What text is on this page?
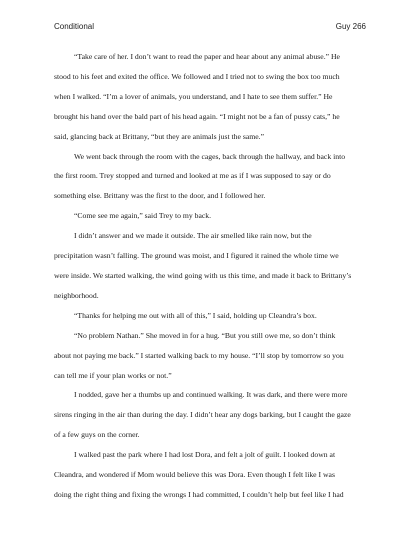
Conditional	Guy 266

“Take care of her. I don’t want to read the paper and hear about any animal abuse.” He
stood to his feet and exited the office. We followed and I tried not to swing the box too much
when I walked. “I’m a lover of animals, you understand, and I hate to see them suffer.” He
brought his hand over the bald part of his head again. “I might not be a fan of pussy cats,” he
said, glancing back at Brittany, “but they are animals just the same.”

We went back through the room with the cages, back through the hallway, and back into
the first room. Trey stopped and turned and looked at me as if I was supposed to say or do
something else. Brittany was the first to the door, and I followed her.

“Come see me again,” said Trey to my back.

I didn’t answer and we made it outside. The air smelled like rain now, but the
precipitation wasn’t falling. The ground was moist, and I figured it rained the whole time we
were inside. We started walking, the wind going with us this time, and made it back to Brittany’s
neighborhood.

“Thanks for helping me out with all of this,” I said, holding up Cleandra’s box.

“No problem Nathan.” She moved in for a hug. “But you still owe me, so don’t think
about not paying me back.” I started walking back to my house. “I’ll stop by tomorrow so you
can tell me if your plan works or not.”

I nodded, gave her a thumbs up and continued walking. It was dark, and there were more
sirens ringing in the air than during the day. I didn’t hear any dogs barking, but I caught the gaze
of a few guys on the corner.

I walked past the park where I had lost Dora, and felt a jolt of guilt. I looked down at
Cleandra, and wondered if Mom would believe this was Dora. Even though I felt like I was
doing the right thing and fixing the wrongs I had committed, I couldn’t help but feel like I had
